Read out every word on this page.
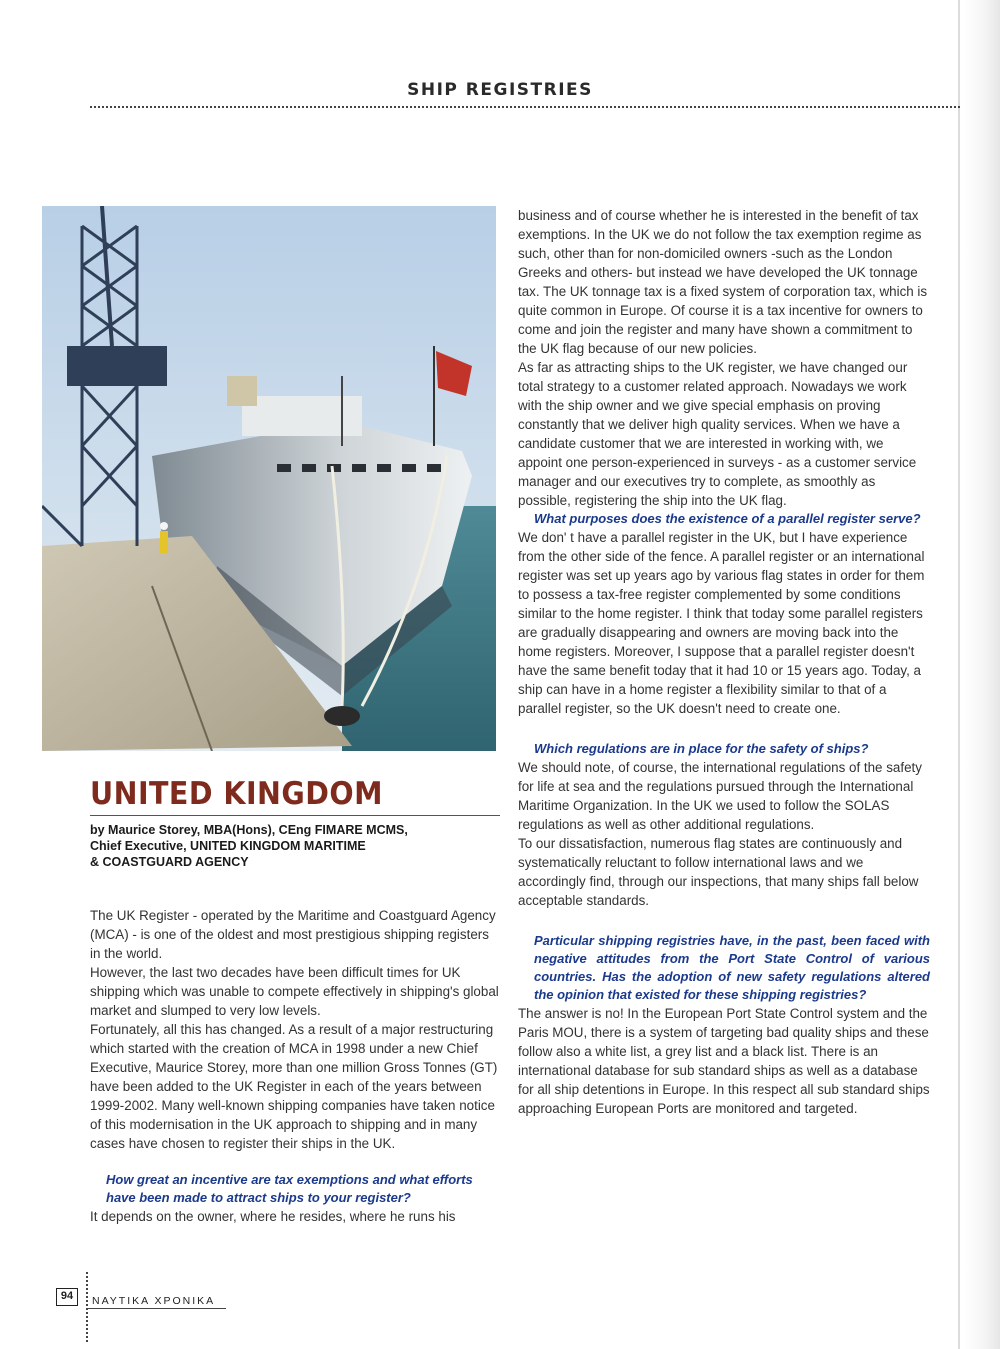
SHIP REGISTRIES
UNITED KINGDOM
by Maurice Storey, MBA(Hons), CEng FIMARE MCMS,
Chief Executive, UNITED KINGDOM MARITIME
& COASTGUARD AGENCY

The UK Register - operated by the Maritime and Coastguard Agency (MCA) - is one of the oldest and most prestigious shipping registers in the world.

However, the last two decades have been difficult times for UK shipping which was unable to compete effectively in shipping's global market and slumped to very low levels.

Fortunately, all this has changed. As a result of a major restructuring which started with the creation of MCA in 1998 under a new Chief Executive, Maurice Storey, more than one million Gross Tonnes (GT) have been added to the UK Register in each of the years between 1999-2002. Many well-known shipping companies have taken notice of this modernisation in the UK approach to shipping and in many cases have chosen to register their ships in the UK.

How great an incentive are tax exemptions and what efforts have been made to attract ships to your register?

It depends on the owner, where he resides, where he runs his

business and of course whether he is interested in the benefit of tax exemptions. In the UK we do not follow the tax exemption regime as such, other than for non-domiciled owners -such as the London Greeks and others- but instead we have developed the UK tonnage tax. The UK tonnage tax is a fixed system of corporation tax, which is quite common in Europe. Of course it is a tax incentive for owners to come and join the register and many have shown a commitment to the UK flag because of our new policies.

As far as attracting ships to the UK register, we have changed our total strategy to a customer related approach. Nowadays we work with the ship owner and we give special emphasis on proving constantly that we deliver high quality services. When we have a candidate customer that we are interested in working with, we appoint one person-experienced in surveys - as a customer service manager and our executives try to complete, as smoothly as possible, registering the ship into the UK flag.

What purposes does the existence of a parallel register serve?

We don' t have a parallel register in the UK, but I have experience from the other side of the fence. A parallel register or an international register was set up years ago by various flag states in order for them to possess a tax-free register complemented by some conditions similar to the home register. I think that today some parallel registers are gradually disappearing and owners are moving back into the home registers. Moreover, I suppose that a parallel register doesn't have the same benefit today that it had 10 or 15 years ago. Today, a ship can have in a home register a flexibility similar to that of a parallel register, so the UK doesn't need to create one.

Which regulations are in place for the safety of ships?

We should note, of course, the international regulations of the safety for life at sea and the regulations pursued through the International Maritime Organization. In the UK we used to follow the SOLAS regulations as well as other additional regulations.

To our dissatisfaction, numerous flag states are continuously and systematically reluctant to follow international laws and we accordingly find, through our inspections, that many ships fall below acceptable standards.

Particular shipping registries have, in the past, been faced with negative attitudes from the Port State Control of various countries. Has the adoption of new safety regulations altered the opinion that existed for these shipping registries?

The answer is no! In the European Port State Control system and the Paris MOU, there is a system of targeting bad quality ships and these follow also a white list, a grey list and a black list. There is an international database for sub standard ships as well as a database for all ship detentions in Europe. In this respect all sub standard ships approaching European Ports are monitored and targeted.

94	ΝΑΥΤΙΚΑ ΧΡΟΝΙΚΑ
